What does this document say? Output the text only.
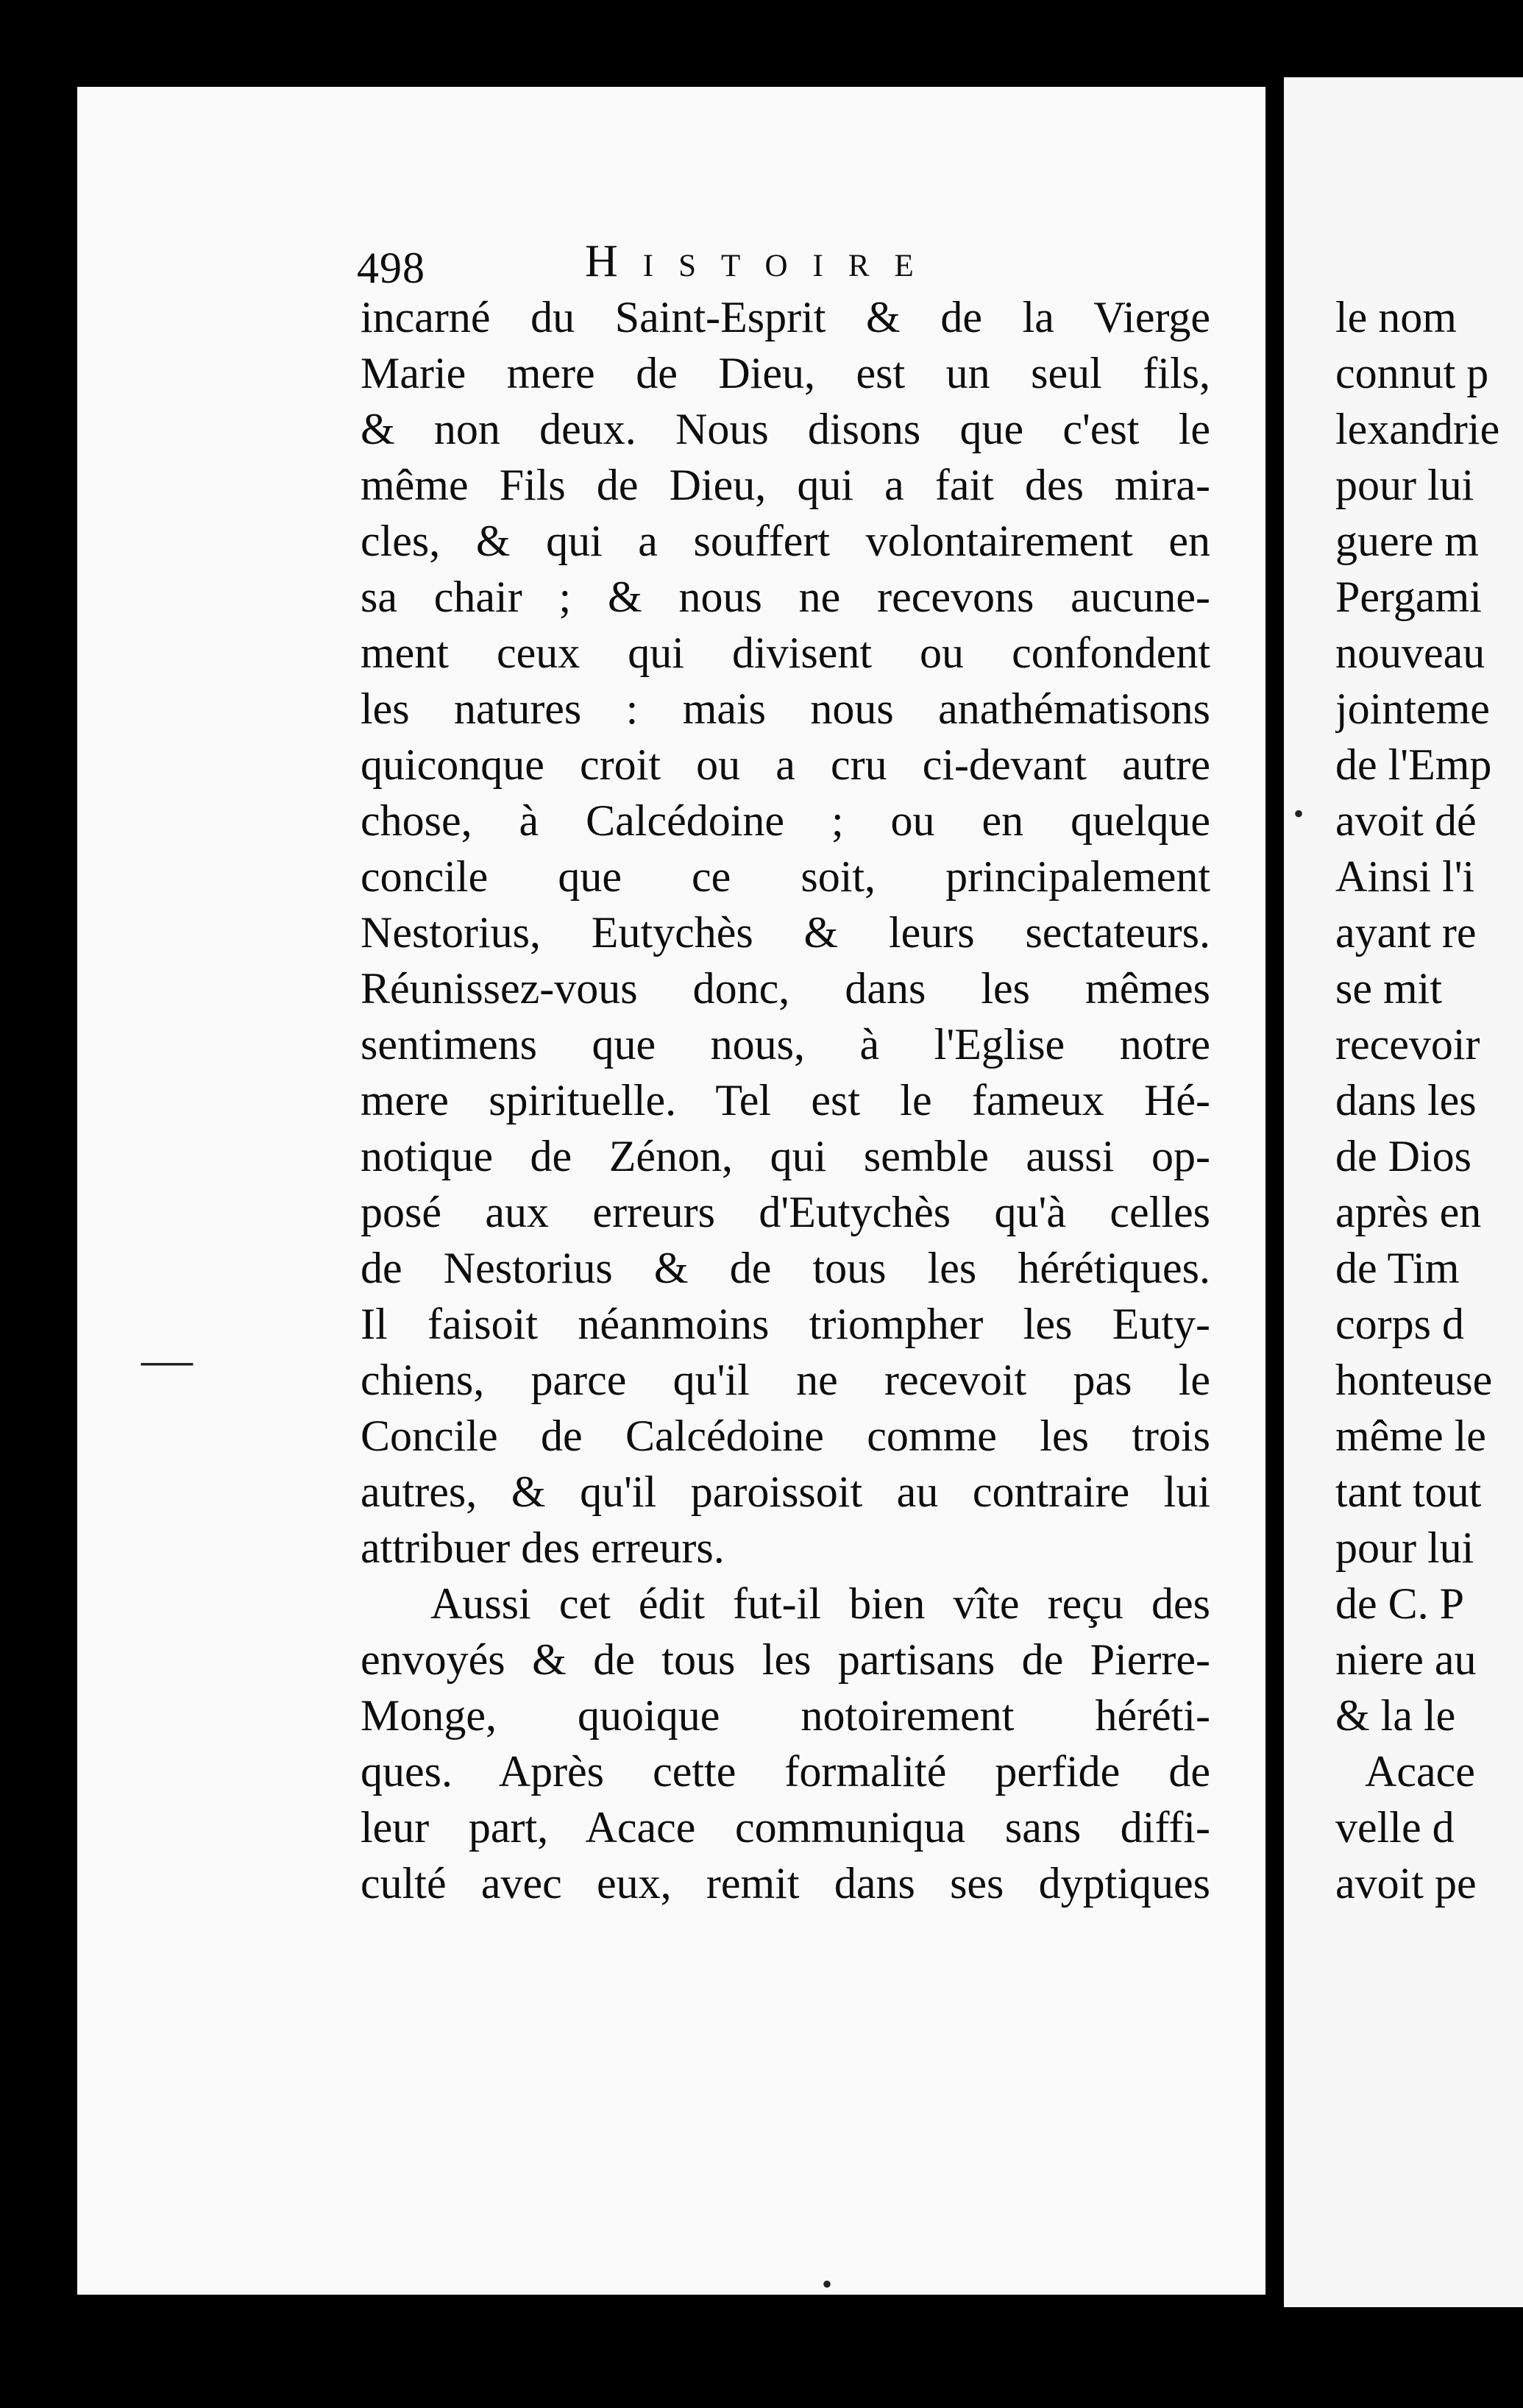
498	Histoire
incarné du Saint-Esprit & de la Vierge
Marie mere de Dieu, est un seul fils,
& non deux. Nous disons que c'est le
même Fils de Dieu, qui a fait des mira-
cles, & qui a souffert volontairement en
sa chair ; & nous ne recevons aucune-
ment ceux qui divisent ou confondent
les natures : mais nous anathématisons
quiconque croit ou a cru ci-devant autre
chose, à Calcédoine ; ou en quelque
concile que ce soit, principalement
Nestorius, Eutychès & leurs sectateurs.
Réunissez-vous donc, dans les mêmes
sentimens que nous, à l'Eglise notre
mere spirituelle. Tel est le fameux Hé-
notique de Zénon, qui semble aussi op-
posé aux erreurs d'Eutychès qu'à celles
de Nestorius & de tous les hérétiques.
Il faisoit néanmoins triompher les Euty-
chiens, parce qu'il ne recevoit pas le
Concile de Calcédoine comme les trois
autres, & qu'il paroissoit au contraire lui
attribuer des erreurs.
Aussi cet édit fut-il bien vîte reçu des
envoyés & de tous les partisans de Pierre-
Monge, quoique notoirement héréti-
ques. Après cette formalité perfide de
leur part, Acace communiqua sans diffi-
culté avec eux, remit dans ses dyptiques
le nom
connut p
lexandrie
pour lui
guere m
Pergami
nouveau
jointeme
de l'Emp
avoit dé
Ainsi l'i
ayant re
se mit
recevoir
dans les
de Dios
après en
de Tim
corps d
honteuse
même le
tant tout
pour lui
de C. P
niere au
& la le
Acace
velle d
avoit pe
—
•
•
